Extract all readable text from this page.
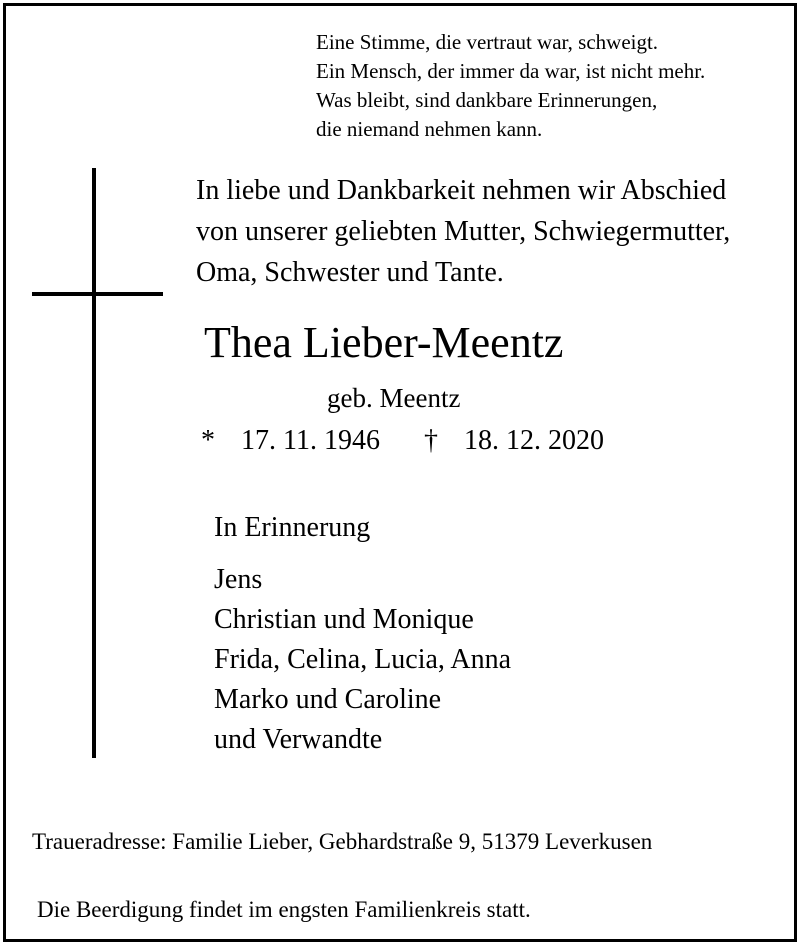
Eine Stimme, die vertraut war, schweigt.
Ein Mensch, der immer da war, ist nicht mehr.
Was bleibt, sind dankbare Erinnerungen,
die niemand nehmen kann.
In liebe und Dankbarkeit nehmen wir Abschied
von unserer geliebten Mutter, Schwiegermutter,
Oma, Schwester und Tante.
Thea Lieber-Meentz
geb. Meentz
* 17. 11. 1946 † 18. 12. 2020
In Erinnerung
Jens
Christian und Monique
Frida, Celina, Lucia, Anna
Marko und Caroline
und Verwandte
Traueradresse: Familie Lieber, Gebhardstraße 9, 51379 Leverkusen
Die Beerdigung findet im engsten Familienkreis statt.
